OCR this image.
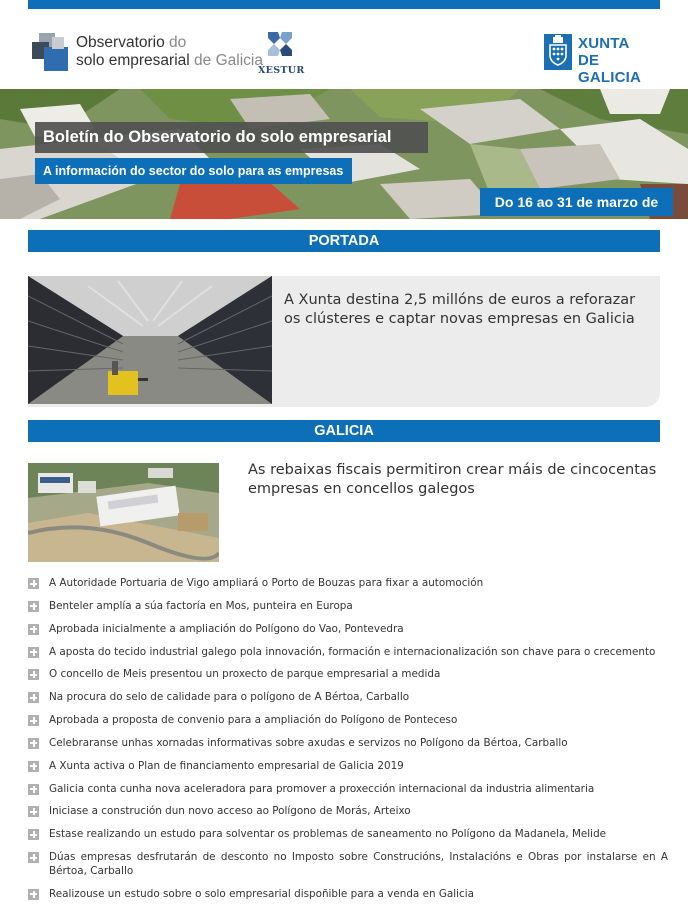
Observatorio do
solo empresarial de Galicia
XESTUR
XUNTA
DE GALICIA
Boletín do Observatorio do solo empresarial
A información do sector do solo para as empresas
Do 16 ao 31 de marzo de
PORTADA
A Xunta destina 2,5 millóns de euros a reforazar os clústeres e captar novas empresas en Galicia
GALICIA
As rebaixas fiscais permitiron crear máis de cincocentas empresas en concellos galegos
A Autoridade Portuaria de Vigo ampliará o Porto de Bouzas para fixar a automoción
Benteler amplía a súa factoría en Mos, punteira en Europa
Aprobada inicialmente a ampliación do Polígono do Vao, Pontevedra
A aposta do tecido industrial galego pola innovación, formación e internacionalización son chave para o crecemento
O concello de Meis presentou un proxecto de parque empresarial a medida
Na procura do selo de calidade para o polígono de A Bértoa, Carballo
Aprobada a proposta de convenio para a ampliación do Polígono de Ponteceso
Celebraranse unhas xornadas informativas sobre axudas e servizos no Polígono da Bértoa, Carballo
A Xunta activa o Plan de financiamento empresarial de Galicia 2019
Galicia conta cunha nova aceleradora para promover a proxección internacional da industria alimentaria
Iniciase a construción dun novo acceso ao Polígono de Morás, Arteixo
Estase realizando un estudo para solventar os problemas de saneamento no Polígono da Madanela, Melide
Dúas empresas desfrutarán de desconto no Imposto sobre Construcións, Instalacións e Obras por instalarse en A Bértoa, Carballo
Realizouse un estudo sobre o solo empresarial dispoñible para a venda en Galicia
